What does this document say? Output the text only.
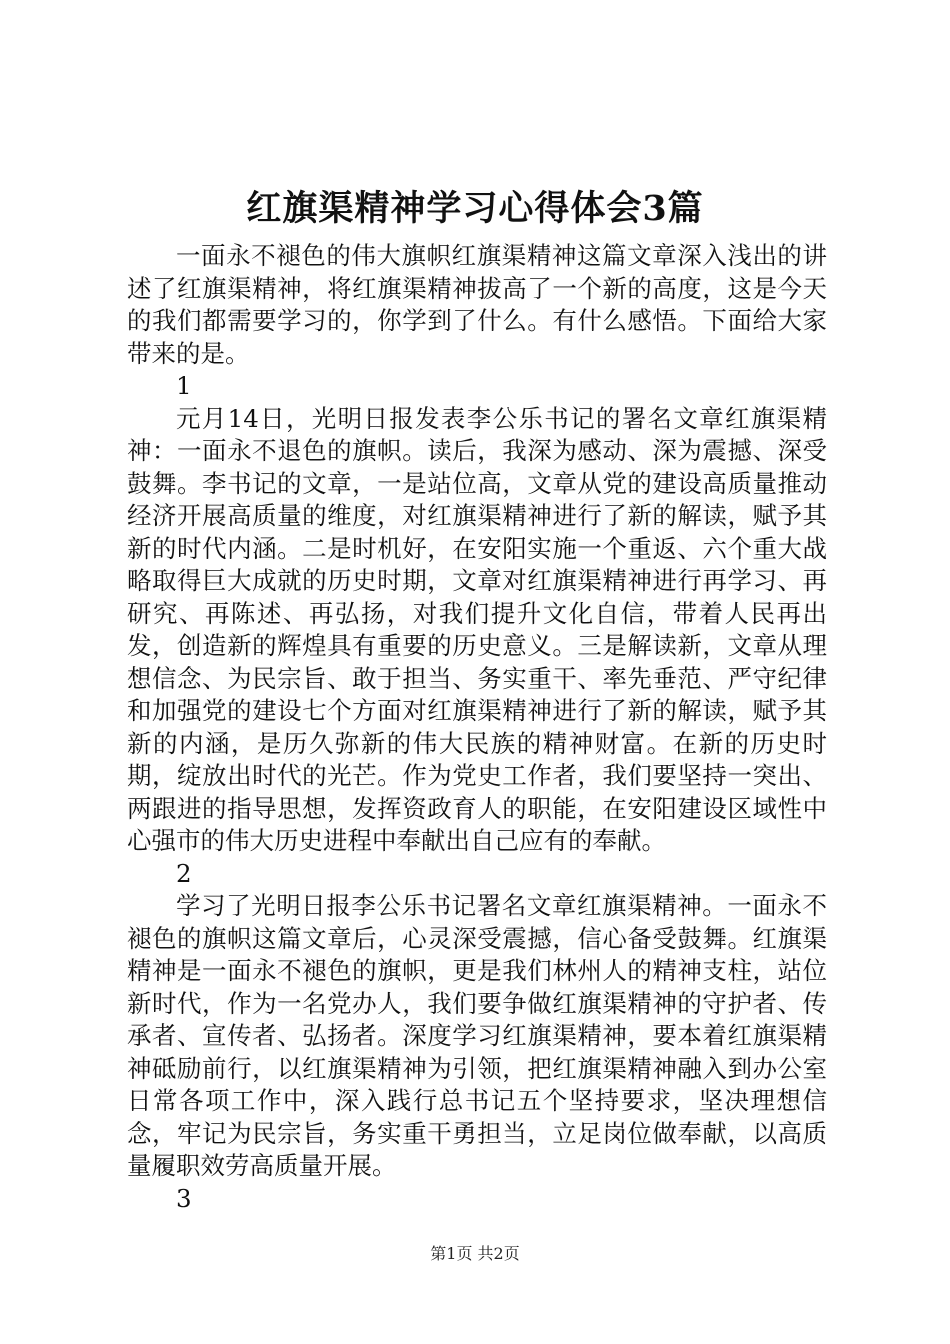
红旗渠精神学习心得体会3篇

一面永不褪色的伟大旗帜红旗渠精神这篇文章深入浅出的讲述了红旗渠精神，将红旗渠精神拔高了一个新的高度，这是今天的我们都需要学习的，你学到了什么。有什么感悟。下面给大家带来的是。

1

元月14日，光明日报发表李公乐书记的署名文章红旗渠精神：一面永不退色的旗帜。读后，我深为感动、深为震撼、深受鼓舞。李书记的文章，一是站位高，文章从党的建设高质量推动经济开展高质量的维度，对红旗渠精神进行了新的解读，赋予其新的时代内涵。二是时机好，在安阳实施一个重返、六个重大战略取得巨大成就的历史时期，文章对红旗渠精神进行再学习、再研究、再陈述、再弘扬，对我们提升文化自信，带着人民再出发，创造新的辉煌具有重要的历史意义。三是解读新，文章从理想信念、为民宗旨、敢于担当、务实重干、率先垂范、严守纪律和加强党的建设七个方面对红旗渠精神进行了新的解读，赋予其新的内涵，是历久弥新的伟大民族的精神财富。在新的历史时期，绽放出时代的光芒。作为党史工作者，我们要坚持一突出、两跟进的指导思想，发挥资政育人的职能，在安阳建设区域性中心强市的伟大历史进程中奉献出自己应有的奉献。

2

学习了光明日报李公乐书记署名文章红旗渠精神。一面永不褪色的旗帜这篇文章后，心灵深受震撼，信心备受鼓舞。红旗渠精神是一面永不褪色的旗帜，更是我们林州人的精神支柱，站位新时代，作为一名党办人，我们要争做红旗渠精神的守护者、传承者、宣传者、弘扬者。深度学习红旗渠精神，要本着红旗渠精神砥励前行，以红旗渠精神为引领，把红旗渠精神融入到办公室日常各项工作中，深入践行总书记五个坚持要求，坚决理想信念，牢记为民宗旨，务实重干勇担当，立足岗位做奉献，以高质量履职效劳高质量开展。

3

第1页 共2页
